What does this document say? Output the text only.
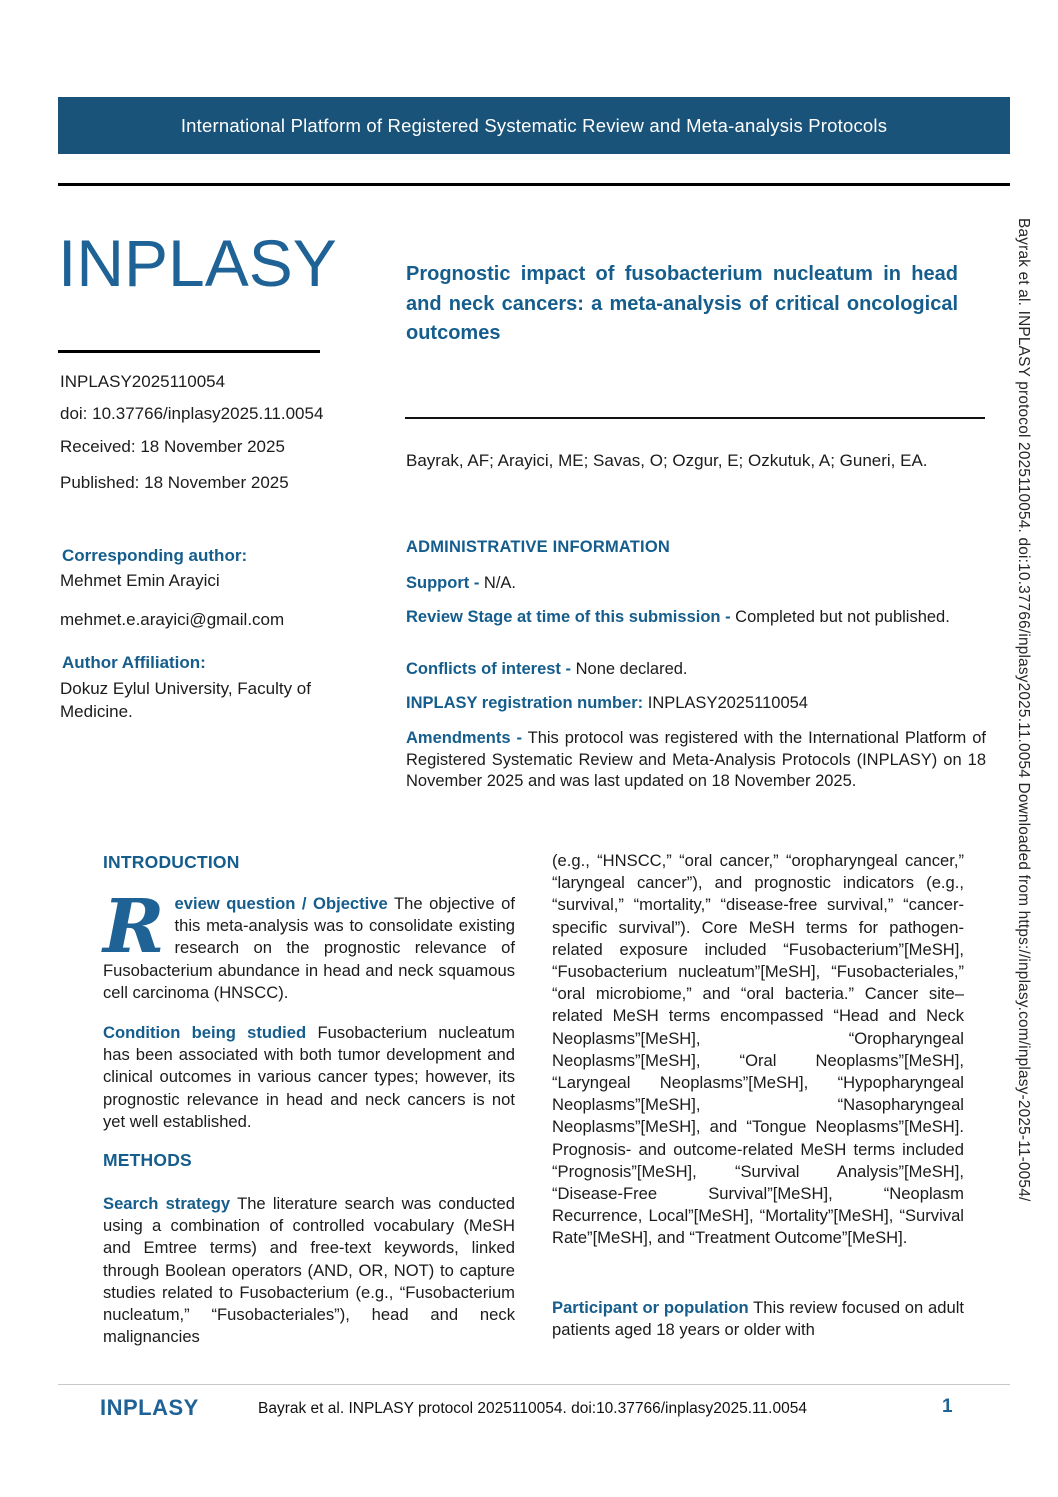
International Platform of Registered Systematic Review and Meta-analysis Protocols
INPLASY

INPLASY2025110054

doi: 10.37766/inplasy2025.11.0054

Received: 18 November 2025

Published: 18 November 2025

Corresponding author:

Mehmet Emin Arayici

mehmet.e.arayici@gmail.com

Author Affiliation:

Dokuz Eylul University, Faculty of Medicine.

Prognostic impact of fusobacterium nucleatum in head and neck cancers: a meta-analysis of critical oncological outcomes

Bayrak, AF; Arayici, ME; Savas, O; Ozgur, E; Ozkutuk, A; Guneri, EA.

ADMINISTRATIVE INFORMATION

Support - N/A.

Review Stage at time of this submission - Completed but not published.

Conflicts of interest - None declared.

INPLASY registration number: INPLASY2025110054

Amendments - This protocol was registered with the International Platform of Registered Systematic Review and Meta-Analysis Protocols (INPLASY) on 18 November 2025 and was last updated on 18 November 2025.

INTRODUCTION

R eview question / Objective The objective of this meta-analysis was to consolidate existing research on the prognostic relevance of Fusobacterium abundance in head and neck squamous cell carcinoma (HNSCC).

Condition being studied Fusobacterium nucleatum has been associated with both tumor development and clinical outcomes in various cancer types; however, its prognostic relevance in head and neck cancers is not yet well established.

METHODS

Search strategy The literature search was conducted using a combination of controlled vocabulary (MeSH and Emtree terms) and free-text keywords, linked through Boolean operators (AND, OR, NOT) to capture studies related to Fusobacterium (e.g., “Fusobacterium nucleatum,” “Fusobacteriales”), head and neck malignancies

(e.g., “HNSCC,” “oral cancer,” “oropharyngeal cancer,” “laryngeal cancer”), and prognostic indicators (e.g., “survival,” “mortality,” “disease-free survival,” “cancer-specific survival”). Core MeSH terms for pathogen-related exposure included “Fusobacterium”[MeSH], “Fusobacterium nucleatum”[MeSH], “Fusobacteriales,” “oral microbiome,” and “oral bacteria.” Cancer site–related MeSH terms encompassed “Head and Neck Neoplasms”[MeSH], “Oropharyngeal Neoplasms”[MeSH], “Oral Neoplasms”[MeSH], “Laryngeal Neoplasms”[MeSH], “Hypopharyngeal Neoplasms”[MeSH], “Nasopharyngeal Neoplasms”[MeSH], and “Tongue Neoplasms”[MeSH]. Prognosis- and outcome-related MeSH terms included “Prognosis”[MeSH], “Survival Analysis”[MeSH], “Disease-Free Survival”[MeSH], “Neoplasm Recurrence, Local”[MeSH], “Mortality”[MeSH], “Survival Rate”[MeSH], and “Treatment Outcome”[MeSH].

Participant or population This review focused on adult patients aged 18 years or older with

Bayrak et al. INPLASY protocol 2025110054. doi:10.37766/inplasy2025.11.0054 Downloaded from https://inplasy.com/inplasy-2025-11-0054/
INPLASY	Bayrak et al. INPLASY protocol 2025110054. doi:10.37766/inplasy2025.11.0054	1
